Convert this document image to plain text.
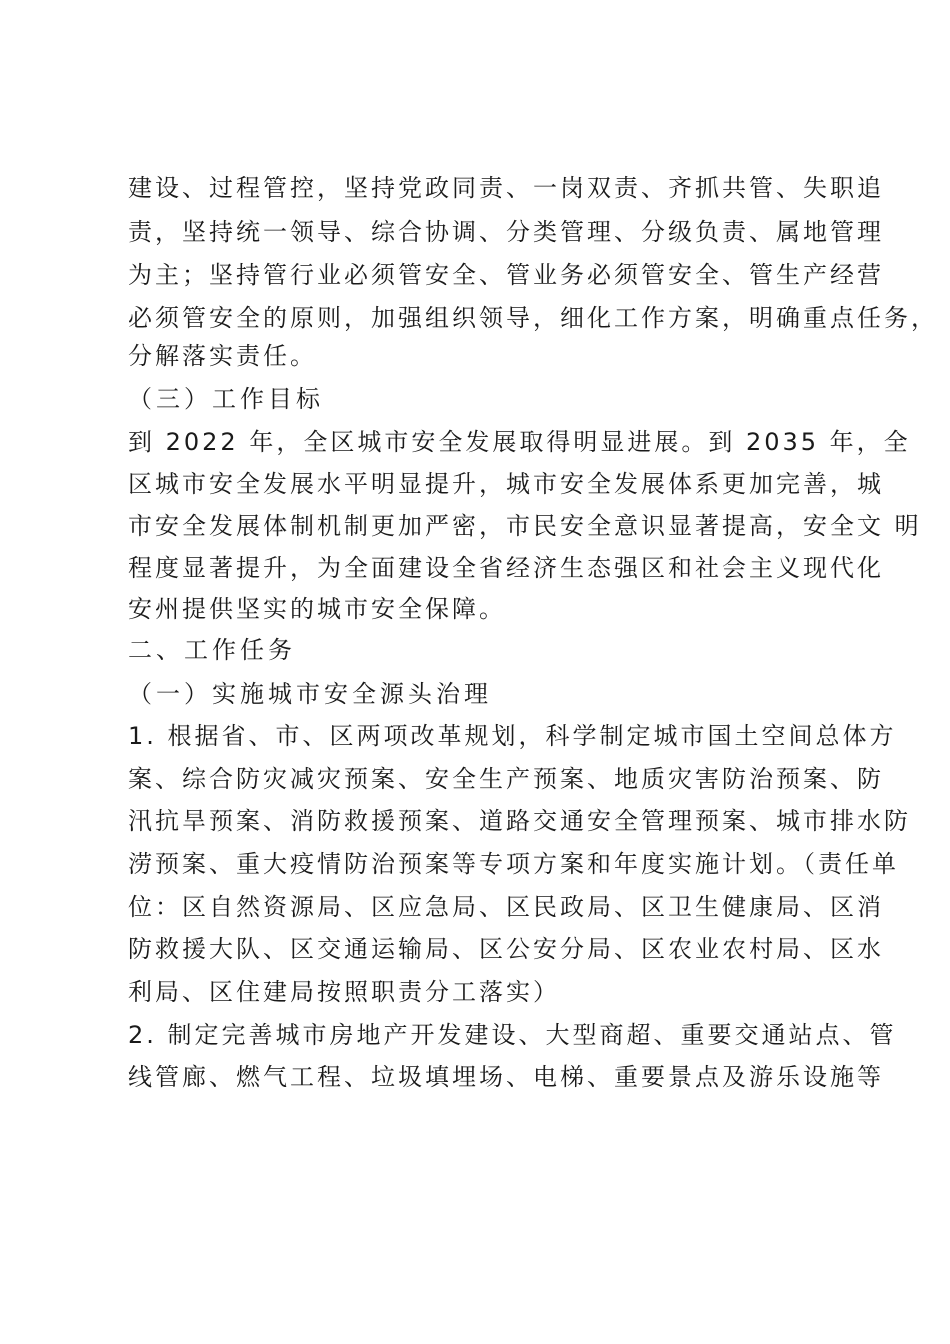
建设、过程管控，坚持党政同责、一岗双责、齐抓共管、失职追
责，坚持统一领导、综合协调、分类管理、分级负责、属地管理
为主；坚持管行业必须管安全、管业务必须管安全、管生产经营
必须管安全的原则，加强组织领导，细化工作方案，明确重点任务，
分解落实责任。
（三）工作目标
到 2022 年，全区城市安全发展取得明显进展。到 2035 年，全
区城市安全发展水平明显提升，城市安全发展体系更加完善，城
市安全发展体制机制更加严密，市民安全意识显著提高，安全文 明
程度显著提升，为全面建设全省经济生态强区和社会主义现代化
安州提供坚实的城市安全保障。
二、工作任务
（一）实施城市安全源头治理
1. 根据省、市、区两项改革规划，科学制定城市国土空间总体方
案、综合防灾减灾预案、安全生产预案、地质灾害防治预案、防
汛抗旱预案、消防救援预案、道路交通安全管理预案、城市排水防
涝预案、重大疫情防治预案等专项方案和年度实施计划。（责任单
位：区自然资源局、区应急局、区民政局、区卫生健康局、区消
防救援大队、区交通运输局、区公安分局、区农业农村局、区水
利局、区住建局按照职责分工落实）
2. 制定完善城市房地产开发建设、大型商超、重要交通站点、管
线管廊、燃气工程、垃圾填埋场、电梯、重要景点及游乐设施等
